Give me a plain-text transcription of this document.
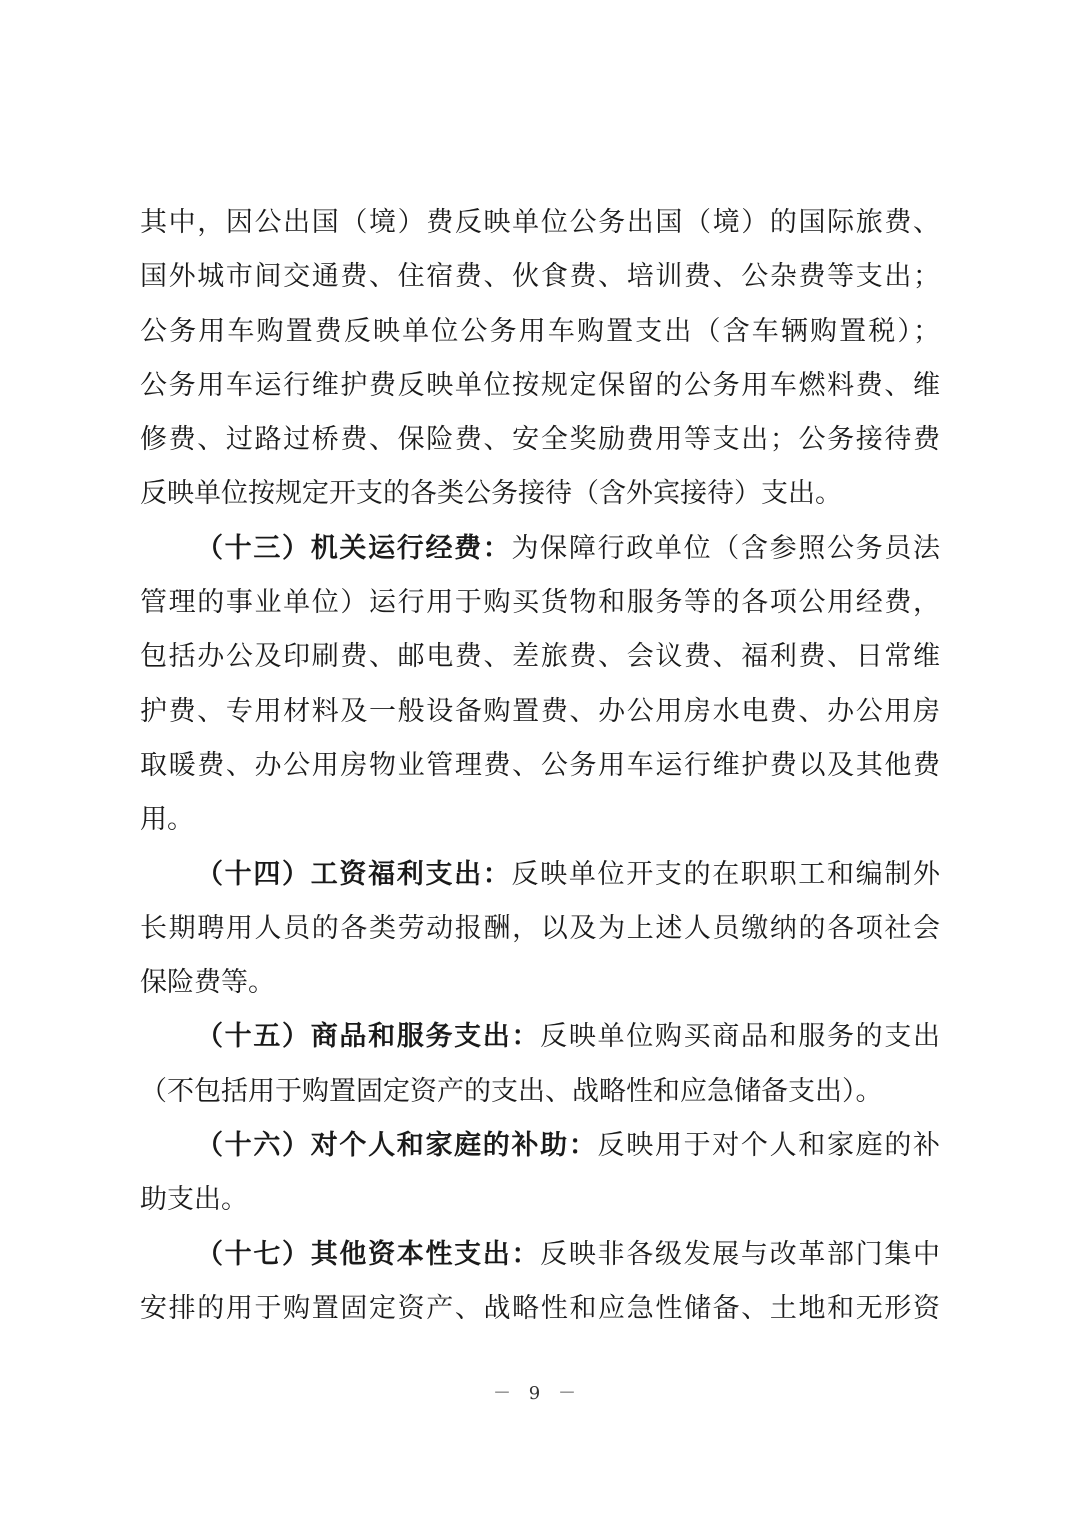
其中，因公出国（境）费反映单位公务出国（境）的国际旅费、
国外城市间交通费、住宿费、伙食费、培训费、公杂费等支出；
公务用车购置费反映单位公务用车购置支出（含车辆购置税）；
公务用车运行维护费反映单位按规定保留的公务用车燃料费、维
修费、过路过桥费、保险费、安全奖励费用等支出；公务接待费
反映单位按规定开支的各类公务接待（含外宾接待）支出。
（十三）机关运行经费：为保障行政单位（含参照公务员法
管理的事业单位）运行用于购买货物和服务等的各项公用经费，
包括办公及印刷费、邮电费、差旅费、会议费、福利费、日常维
护费、专用材料及一般设备购置费、办公用房水电费、办公用房
取暖费、办公用房物业管理费、公务用车运行维护费以及其他费
用。
（十四）工资福利支出：反映单位开支的在职职工和编制外
长期聘用人员的各类劳动报酬，以及为上述人员缴纳的各项社会
保险费等。
（十五）商品和服务支出：反映单位购买商品和服务的支出
（不包括用于购置固定资产的支出、战略性和应急储备支出）。
（十六）对个人和家庭的补助：反映用于对个人和家庭的补
助支出。
（十七）其他资本性支出：反映非各级发展与改革部门集中
安排的用于购置固定资产、战略性和应急性储备、土地和无形资
－ 9 －
